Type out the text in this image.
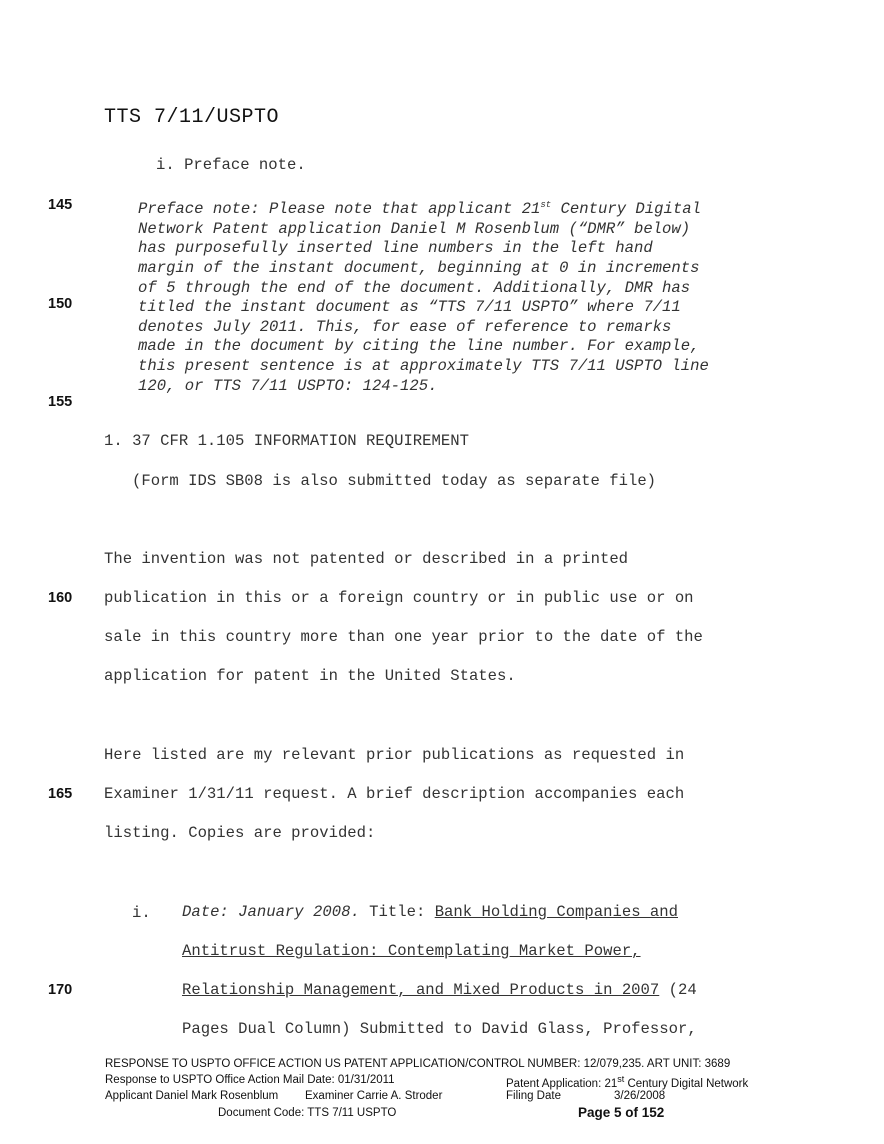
TTS 7/11/USPTO
i. Preface note.
Preface note: Please note that applicant 21st Century Digital
Network Patent application Daniel M Rosenblum (“DMR” below)
has purposefully inserted line numbers in the left hand
margin of the instant document, beginning at 0 in increments
of 5 through the end of the document. Additionally, DMR has
titled the instant document as “TTS 7/11 USPTO” where 7/11
denotes July 2011. This, for ease of reference to remarks
made in the document by citing the line number. For example,
this present sentence is at approximately TTS 7/11 USPTO line
120, or TTS 7/11 USPTO: 124-125.
145
150
155
160
165
170
1. 37 CFR 1.105 INFORMATION REQUIREMENT
(Form IDS SB08 is also submitted today as separate file)
The invention was not patented or described in a printed
publication in this or a foreign country or in public use or on
sale in this country more than one year prior to the date of the
application for patent in the United States.
Here listed are my relevant prior publications as requested in
Examiner 1/31/11 request. A brief description accompanies each
listing. Copies are provided:
i. Date: January 2008. Title: Bank Holding Companies and
Antitrust Regulation: Contemplating Market Power,
Relationship Management, and Mixed Products in 2007 (24
Pages Dual Column) Submitted to David Glass, Professor,
RESPONSE TO USPTO OFFICE ACTION US PATENT APPLICATION/CONTROL NUMBER: 12/079,235. ART UNIT: 3689
Response to USPTO Office Action Mail Date: 01/31/2011	Patent Application: 21st Century Digital Network
Applicant Daniel Mark Rosenblum Examiner Carrie A. Stroder	Filing Date	3/26/2008
Document Code: TTS 7/11 USPTO	Page 5 of 152
